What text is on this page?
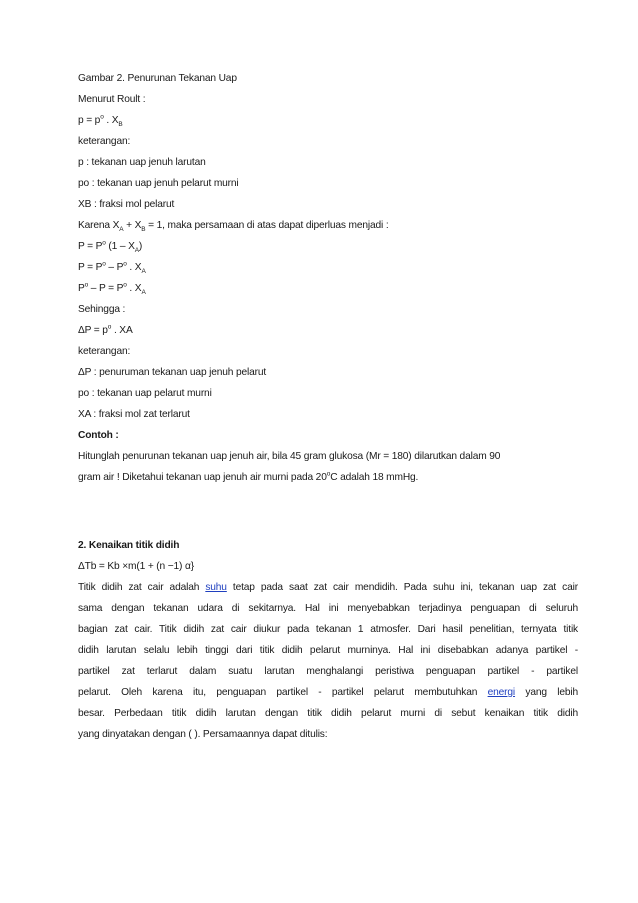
Gambar 2. Penurunan Tekanan Uap
Menurut Roult :
$p = p^o$ . $X_B$
keterangan:
p : tekanan uap jenuh larutan
po : tekanan uap jenuh pelarut murni
XB : fraksi mol pelarut
Karena $X_A + X_B = 1$, maka persamaan di atas dapat diperluas menjadi :
$P = P^o$ $(1 - X_A)$
$P = P^o - P^o$ . $X_A$
$P^o - P = P^o$ . $X_A$
Sehingga :
$\Delta P = p^o$ . XA
keterangan:
ΔP : penuruman tekanan uap jenuh pelarut
po : tekanan uap pelarut murni
XA : fraksi mol zat terlarut
Contoh :
Hitunglah penurunan tekanan uap jenuh air, bila 45 gram glukosa (Mr = 180) dilarutkan dalam 90
gram air ! Diketahui tekanan uap jenuh air murni pada 20$^o$C adalah 18 mmHg.
2. Kenaikan titik didih
ΔTb = Kb ×m(1 + (n −1) α}
Titik didih zat cair adalah suhu tetap pada saat zat cair mendidih. Pada suhu ini, tekanan uap zat cair
sama dengan tekanan udara di sekitarnya. Hal ini menyebabkan terjadinya penguapan di seluruh
bagian zat cair. Titik didih zat cair diukur pada tekanan 1 atmosfer. Dari hasil penelitian, ternyata titik
didih larutan selalu lebih tinggi dari titik didih pelarut murninya. Hal ini disebabkan adanya partikel -
partikel zat terlarut dalam suatu larutan menghalangi peristiwa penguapan partikel - partikel
pelarut. Oleh karena itu, penguapan partikel - partikel pelarut membutuhkan energi yang lebih
besar. Perbedaan titik didih larutan dengan titik didih pelarut murni di sebut kenaikan titik didih
yang dinyatakan dengan ( ). Persamaannya dapat ditulis:
